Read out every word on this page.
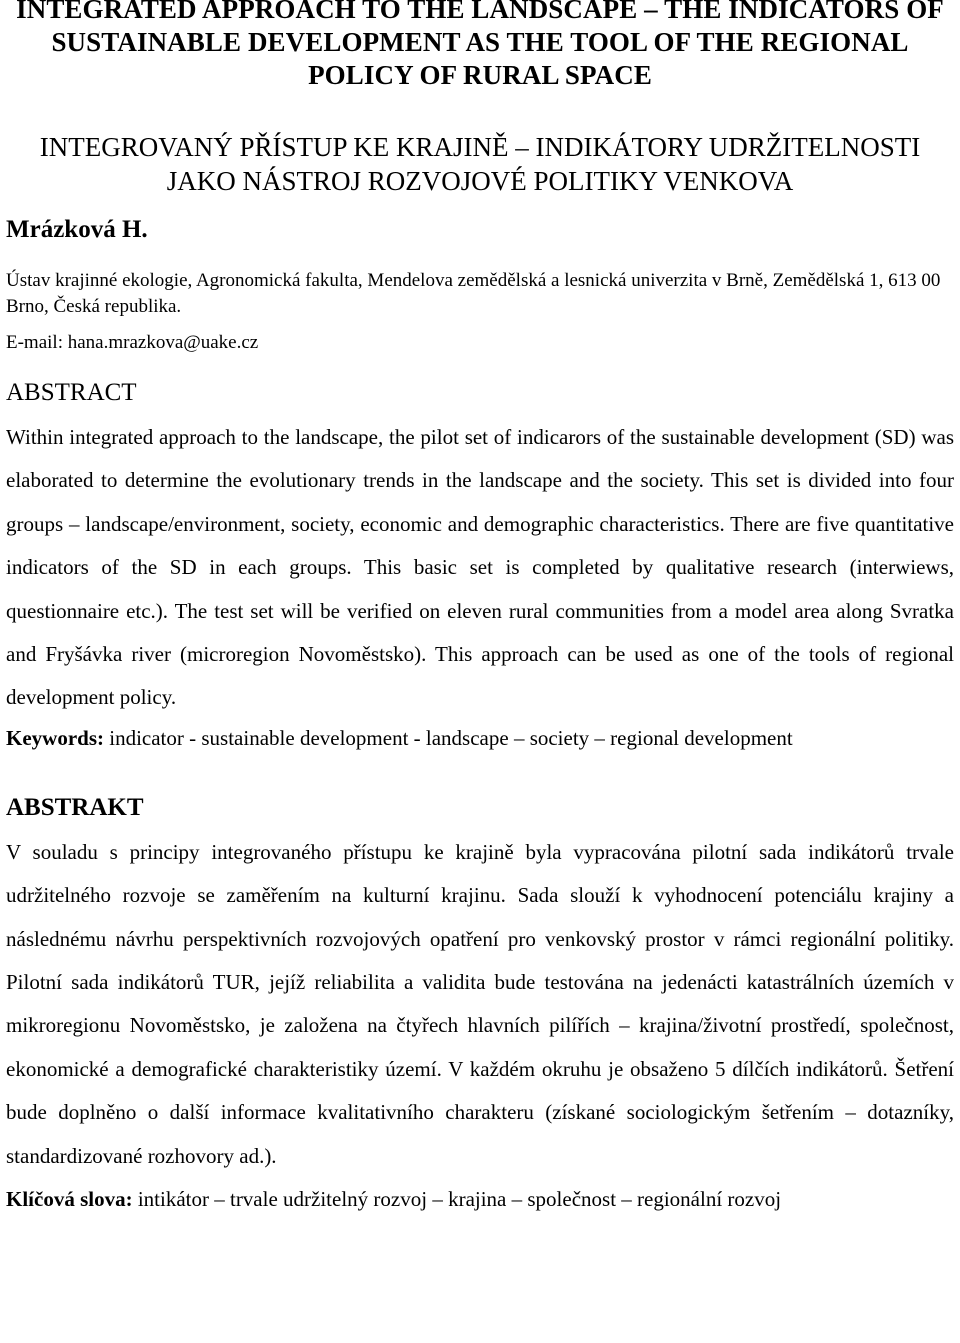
INTEGRATED APPROACH TO THE LANDSCAPE – THE INDICATORS OF SUSTAINABLE DEVELOPMENT AS THE TOOL OF THE REGIONAL POLICY OF RURAL SPACE
INTEGROVANÝ PŘÍSTUP KE KRAJINĚ – INDIKÁTORY UDRŽITELNOSTI JAKO NÁSTROJ ROZVOJOVÉ POLITIKY VENKOVA

Mrázková H.

Ústav krajinné ekologie, Agronomická fakulta, Mendelova zemědělská a lesnická univerzita v Brně, Zemědělská 1, 613 00 Brno, Česká republika.

E-mail: hana.mrazkova@uake.cz

ABSTRACT

Within integrated approach to the landscape, the pilot set of indicarors of the sustainable development (SD) was elaborated to determine the evolutionary trends in the landscape and the society. This set is divided into four groups – landscape/environment, society, economic and demographic characteristics. There are five quantitative indicators of the SD in each groups. This basic set is completed by qualitative research (interwiews, questionnaire etc.). The test set will be verified on eleven rural communities from a model area along Svratka and Fryšávka river (microregion Novoměstsko). This approach can be used as one of the tools of regional development policy.

Keywords: indicator - sustainable development - landscape – society – regional development

ABSTRAKT

V souladu s principy integrovaného přístupu ke krajině byla vypracována pilotní sada indikátorů trvale udržitelného rozvoje se zaměřením na kulturní krajinu. Sada slouží k vyhodnocení potenciálu krajiny a následnému návrhu perspektivních rozvojových opatření pro venkovský prostor v rámci regionální politiky. Pilotní sada indikátorů TUR, jejíž reliabilita a validita bude testována na jedenácti katastrálních územích v mikroregionu Novoměstsko, je založena na čtyřech hlavních pilířích – krajina/životní prostředí, společnost, ekonomické a demografické charakteristiky území. V každém okruhu je obsaženo 5 dílčích indikátorů. Šetření bude doplněno o další informace kvalitativního charakteru (získané sociologickým šetřením – dotazníky, standardizované rozhovory ad.).

Klíčová slova: intikátor – trvale udržitelný rozvoj – krajina – společnost – regionální rozvoj
